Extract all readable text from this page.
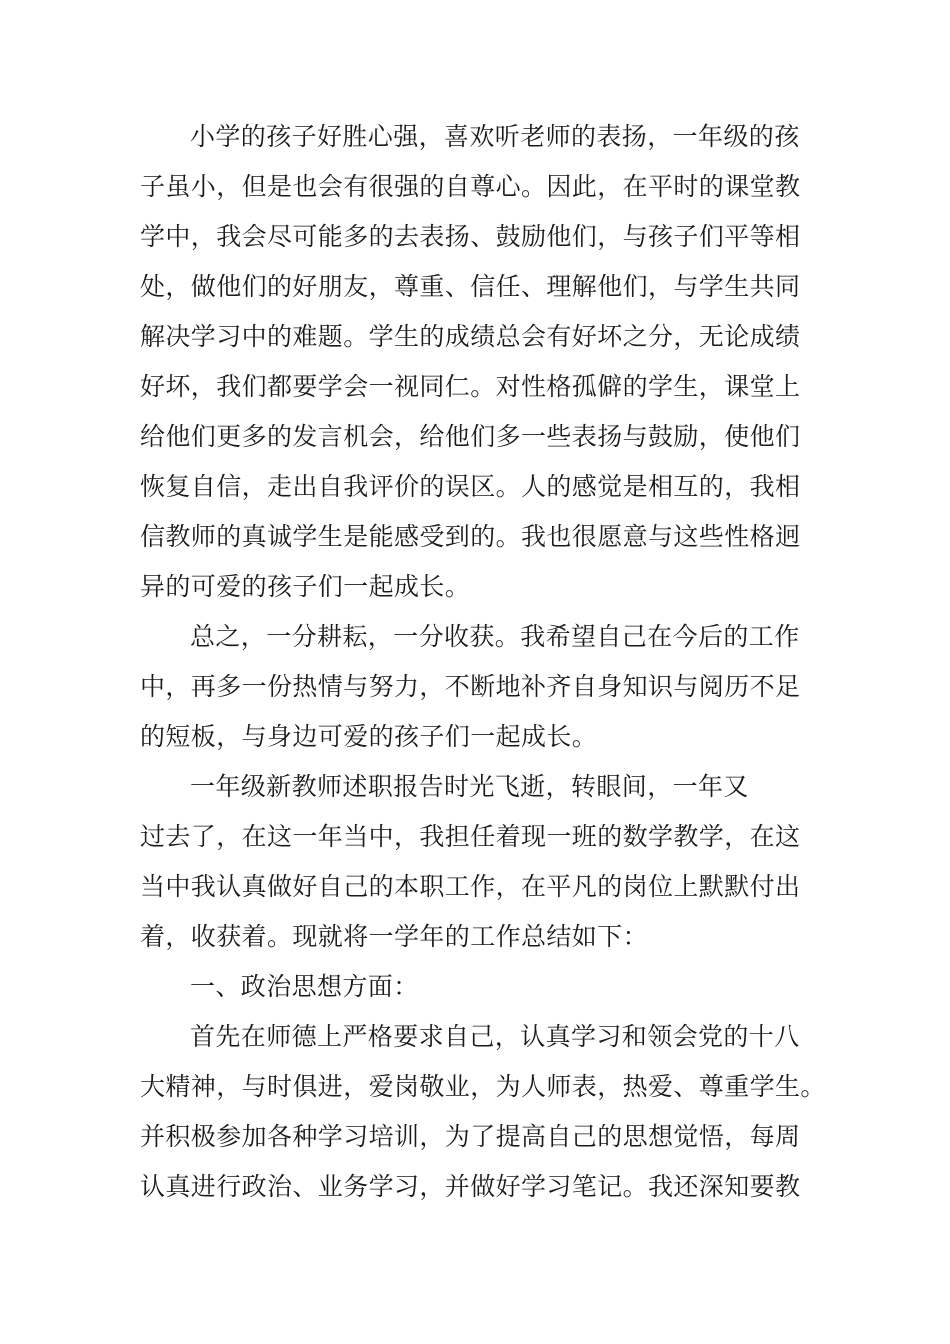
小学的孩子好胜心强，喜欢听老师的表扬，一年级的孩
子虽小，但是也会有很强的自尊心。因此，在平时的课堂教
学中，我会尽可能多的去表扬、鼓励他们，与孩子们平等相
处，做他们的好朋友，尊重、信任、理解他们，与学生共同
解决学习中的难题。学生的成绩总会有好坏之分，无论成绩
好坏，我们都要学会一视同仁。对性格孤僻的学生，课堂上
给他们更多的发言机会，给他们多一些表扬与鼓励，使他们
恢复自信，走出自我评价的误区。人的感觉是相互的，我相
信教师的真诚学生是能感受到的。我也很愿意与这些性格迥
异的可爱的孩子们一起成长。
总之，一分耕耘，一分收获。我希望自己在今后的工作
中，再多一份热情与努力，不断地补齐自身知识与阅历不足
的短板，与身边可爱的孩子们一起成长。
一年级新教师述职报告时光飞逝，转眼间，一年又
过去了，在这一年当中，我担任着现一班的数学教学，在这
当中我认真做好自己的本职工作，在平凡的岗位上默默付出
着，收获着。现就将一学年的工作总结如下：
一、政治思想方面：
首先在师德上严格要求自己，认真学习和领会党的十八
大精神，与时俱进，爱岗敬业，为人师表，热爱、尊重学生。
并积极参加各种学习培训，为了提高自己的思想觉悟，每周
认真进行政治、业务学习，并做好学习笔记。我还深知要教
